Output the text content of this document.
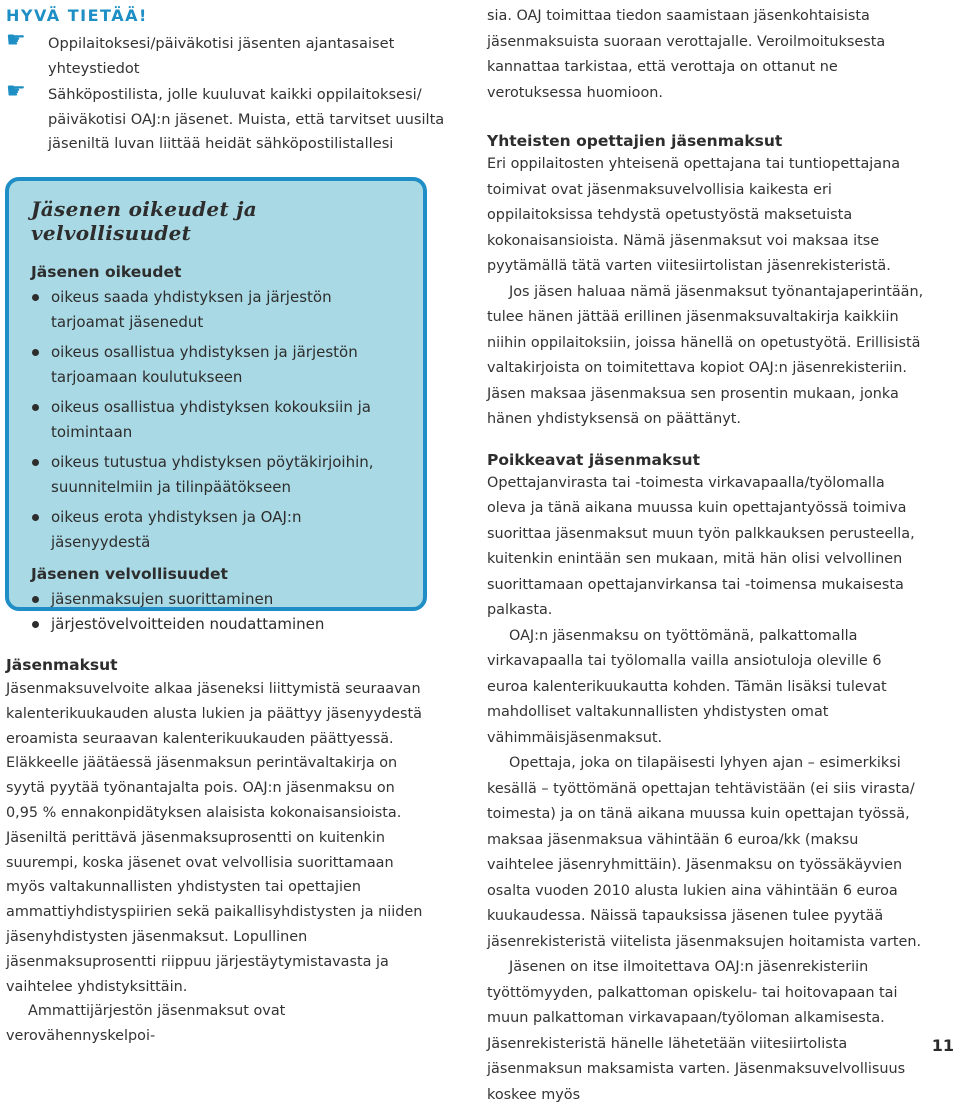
HYVÄ TIETÄÄ!
☛ Oppilaitoksesi/päiväkotisi jäsenten ajantasaiset yhteystiedot

☛ Sähköpostilista, jolle kuuluvat kaikki oppilaitoksesi/ päiväkotisi OAJ:n jäsenet. Muista, että tarvitset uusilta jäseniltä luvan liittää heidät sähköpostilistallesi

Jäsenen oikeudet ja velvollisuudet
Jäsenen oikeudet
oikeus saada yhdistyksen ja järjestön tarjoamat jäsenedut
oikeus osallistua yhdistyksen ja järjestön tarjoamaan koulutukseen
oikeus osallistua yhdistyksen kokouksiin ja toimintaan
oikeus tutustua yhdistyksen pöytäkirjoihin, suunnitelmiin ja tilinpäätökseen
oikeus erota yhdistyksen ja OAJ:n jäsenyydestä
Jäsenen velvollisuudet
jäsenmaksujen suorittaminen
järjestövelvoitteiden noudattaminen
Jäsenmaksut

Jäsenmaksuvelvoite alkaa jäseneksi liittymistä seuraavan kalenterikuukauden alusta lukien ja päättyy jäsenyydestä eroamista seuraavan kalenterikuukauden päättyessä. Eläkkeelle jäätäessä jäsenmaksun perintävaltakirja on syytä pyytää työnantajalta pois. OAJ:n jäsenmaksu on 0,95 % ennakonpidätyksen alaisista kokonaisansioista. Jäseniltä perittävä jäsenmaksuprosentti on kuitenkin suurempi, koska jäsenet ovat velvollisia suorittamaan myös valtakunnallisten yhdistysten tai opettajien ammattiyhdistyspiirien sekä paikallisyhdistysten ja niiden jäsenyhdistysten jäsenmaksut. Lopullinen jäsenmaksuprosentti riippuu järjestäytymistavasta ja vaihtelee yhdistyksittäin.

Ammattijärjestön jäsenmaksut ovat verovähennyskelpoi-

sia. OAJ toimittaa tiedon saamistaan jäsenkohtaisista jäsenmaksuista suoraan verottajalle. Veroilmoituksesta kannattaa tarkistaa, että verottaja on ottanut ne verotuksessa huomioon.

Yhteisten opettajien jäsenmaksut

Eri oppilaitosten yhteisenä opettajana tai tuntiopettajana toimivat ovat jäsenmaksuvelvollisia kaikesta eri oppilaitoksissa tehdystä opetustyöstä maksetuista kokonaisansioista. Nämä jäsenmaksut voi maksaa itse pyytämällä tätä varten viitesiirtolistan jäsenrekisteristä.

Jos jäsen haluaa nämä jäsenmaksut työnantajaperintään, tulee hänen jättää erillinen jäsenmaksuvaltakirja kaikkiin niihin oppilaitoksiin, joissa hänellä on opetustyötä. Erillisistä valtakirjoista on toimitettava kopiot OAJ:n jäsenrekisteriin. Jäsen maksaa jäsenmaksua sen prosentin mukaan, jonka hänen yhdistyksensä on päättänyt.

Poikkeavat jäsenmaksut

Opettajanvirasta tai -toimesta virkavapaalla/työlomalla oleva ja tänä aikana muussa kuin opettajantyössä toimiva suorittaa jäsenmaksut muun työn palkkauksen perusteella, kuitenkin enintään sen mukaan, mitä hän olisi velvollinen suorittamaan opettajanvirkansa tai -toimensa mukaisesta palkasta.

OAJ:n jäsenmaksu on työttömänä, palkattomalla virkavapaalla tai työlomalla vailla ansiotuloja oleville 6 euroa kalenterikuukautta kohden. Tämän lisäksi tulevat mahdolliset valtakunnallisten yhdistysten omat vähimmäisjäsenmaksut.

Opettaja, joka on tilapäisesti lyhyen ajan – esimerkiksi kesällä – työttömänä opettajan tehtävistään (ei siis virasta/ toimesta) ja on tänä aikana muussa kuin opettajan työssä, maksaa jäsenmaksua vähintään 6 euroa/kk (maksu vaihtelee jäsenryhmittäin). Jäsenmaksu on työssäkäyvien osalta vuoden 2010 alusta lukien aina vähintään 6 euroa kuukaudessa. Näissä tapauksissa jäsenen tulee pyytää jäsenrekisteristä viitelista jäsenmaksujen hoitamista varten.

Jäsenen on itse ilmoitettava OAJ:n jäsenrekisteriin työttömyyden, palkattoman opiskelu- tai hoitovapaan tai muun palkattoman virkavapaan/työloman alkamisesta. Jäsenrekisteristä hänelle lähetetään viitesiirtolista jäsenmaksun maksamista varten. Jäsenmaksuvelvollisuus koskee myös

11
